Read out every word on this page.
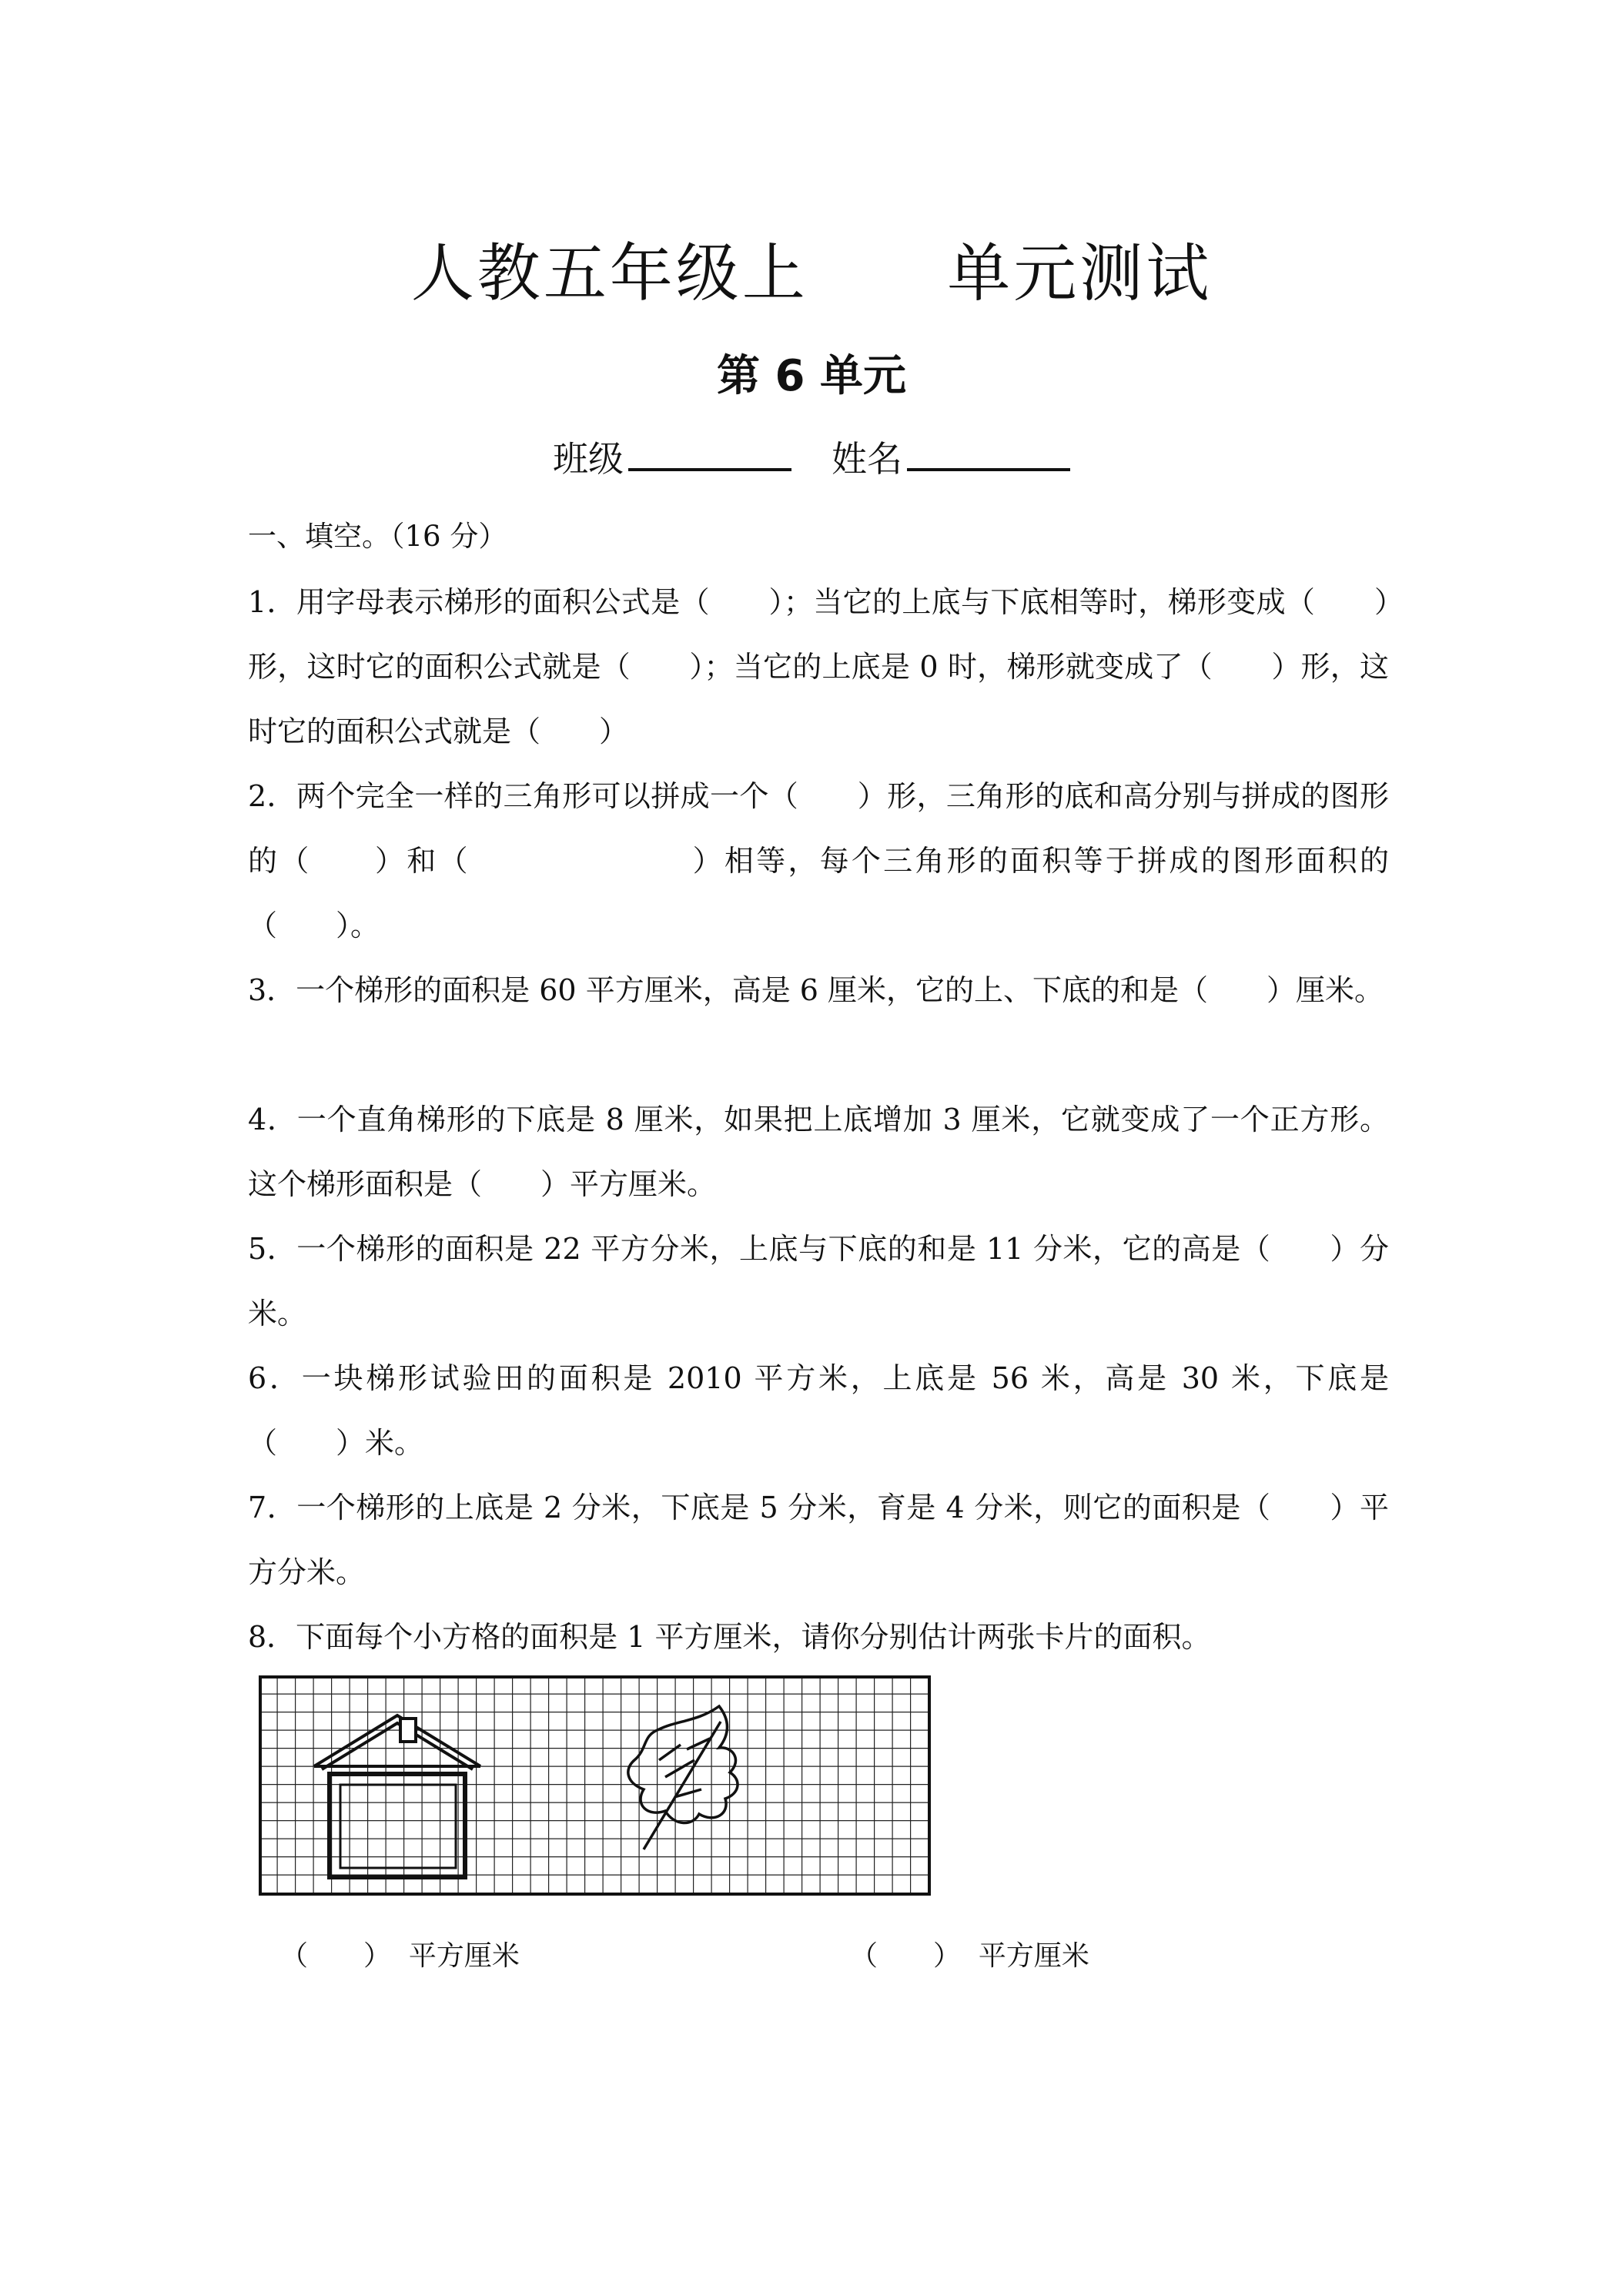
人教五年级上      单元测试
第 6 单元
班级	姓名
一、填空。（16 分）
1．用字母表示梯形的面积公式是（　　）；当它的上底与下底相等时，梯形变成（　　）形，这时它的面积公式就是（　　）；当它的上底是 0 时，梯形就变成了（　　）形，这时它的面积公式就是（　　）
2．两个完全一样的三角形可以拼成一个（　　）形，三角形的底和高分别与拼成的图形的（　　）和（　　　　　　　）相等，每个三角形的面积等于拼成的图形面积的（　　）。
3．一个梯形的面积是 60 平方厘米，高是 6 厘米，它的上、下底的和是（　　）厘米。
4．一个直角梯形的下底是 8 厘米，如果把上底增加 3 厘米，它就变成了一个正方形。这个梯形面积是（　　）平方厘米。
5．一个梯形的面积是 22 平方分米，上底与下底的和是 11 分米，它的高是（　　）分米。
6．一块梯形试验田的面积是 2010 平方米，上底是 56 米，高是 30 米，下底是（　　）米。
7．一个梯形的上底是 2 分米，下底是 5 分米，育是 4 分米，则它的面积是（　　）平方分米。
8．下面每个小方格的面积是 1 平方厘米，请你分别估计两张卡片的面积。
（　　）  平方厘米	（　　）  平方厘米
